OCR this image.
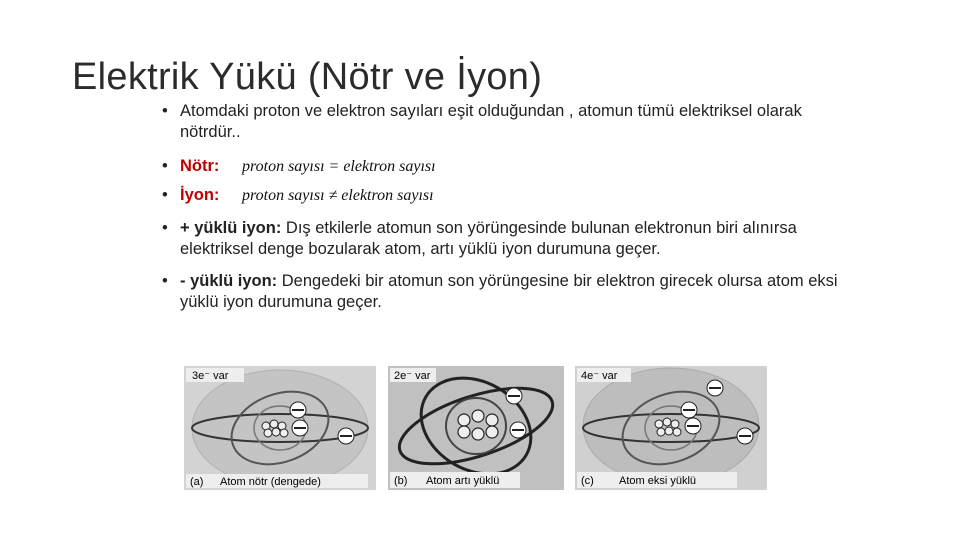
Elektrik Yükü (Nötr ve İyon)
• Atomdaki proton ve elektron sayıları eşit olduğundan , atomun tümü elektriksel olarak nötrdür..
• Nötr:	proton sayısı = elektron sayısı
• İyon:	proton sayısı ≠ elektron sayısı
• + yüklü iyon: Dış etkilerle atomun son yörüngesinde bulunan elektronun biri alınırsa elektriksel denge bozularak atom, artı yüklü iyon durumuna geçer.
• - yüklü iyon: Dengedeki bir atomun son yörüngesine bir elektron girecek olursa atom eksi yüklü iyon durumuna geçer.
3e⁻ var
(a) Atom nötr (dengede)
2e⁻ var
(b) Atom artı yüklü
4e⁻ var
(c) Atom eksi yüklü
